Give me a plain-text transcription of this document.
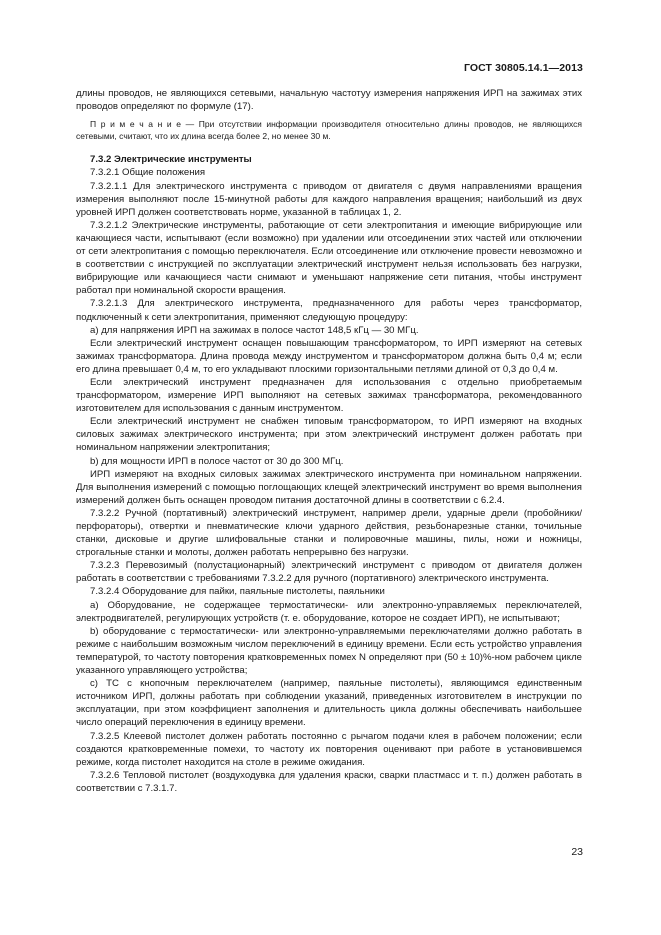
ГОСТ 30805.14.1—2013

длины проводов, не являющихся сетевыми, начальную частотуу измерения напряжения ИРП на зажимах этих проводов определяют по формуле (17).

П р и м е ч а н и е — При отсутствии информации производителя относительно длины проводов, не являющихся сетевыми, считают, что их длина всегда более 2, но менее 30 м.

7.3.2 Электрические инструменты

7.3.2.1 Общие положения

7.3.2.1.1 Для электрического инструмента с приводом от двигателя с двумя направлениями вращения измерения выполняют после 15-минутной работы для каждого направления вращения; наибольший из двух уровней ИРП должен соответствовать норме, указанной в таблицах 1, 2.

7.3.2.1.2 Электрические инструменты, работающие от сети электропитания и имеющие вибрирующие или качающиеся части, испытывают (если возможно) при удалении или отсоединении этих частей или отключении от сети электропитания с помощью переключателя. Если отсоединение или отключение провести невозможно и в соответствии с инструкцией по эксплуатации электрический инструмент нельзя использовать без нагрузки, вибрирующие или качающиеся части снимают и уменьшают напряжение сети питания, чтобы инструмент работал при номинальной скорости вращения.

7.3.2.1.3 Для электрического инструмента, предназначенного для работы через трансформатор, подключенный к сети электропитания, применяют следующую процедуру:

а) для напряжения ИРП на зажимах в полосе частот 148,5 кГц — 30 МГц.

Если электрический инструмент оснащен повышающим трансформатором, то ИРП измеряют на сетевых зажимах трансформатора. Длина провода между инструментом и трансформатором должна быть 0,4 м; если его длина превышает 0,4 м, то его укладывают плоскими горизонтальными петлями длиной от 0,3 до 0,4 м.

Если электрический инструмент предназначен для использования с отдельно приобретаемым трансформатором, измерение ИРП выполняют на сетевых зажимах трансформатора, рекомендованного изготовителем для использования с данным инструментом.

Если электрический инструмент не снабжен типовым трансформатором, то ИРП измеряют на входных силовых зажимах электрического инструмента; при этом электрический инструмент должен работать при номинальном напряжении электропитания;

b) для мощности ИРП в полосе частот от 30 до 300 МГц.

ИРП измеряют на входных силовых зажимах электрического инструмента при номинальном напряжении. Для выполнения измерений с помощью поглощающих клещей электрический инструмент во время выполнения измерений должен быть оснащен проводом питания достаточной длины в соответствии с 6.2.4.

7.3.2.2 Ручной (портативный) электрический инструмент, например дрели, ударные дрели (пробойники/перфораторы), отвертки и пневматические ключи ударного действия, резьбонарезные станки, точильные станки, дисковые и другие шлифовальные станки и полировочные машины, пилы, ножи и ножницы, строгальные станки и молоты, должен работать непрерывно без нагрузки.

7.3.2.3 Перевозимый (полустационарный) электрический инструмент с приводом от двигателя должен работать в соответствии с требованиями 7.3.2.2 для ручного (портативного) электрического инструмента.

7.3.2.4 Оборудование для пайки, паяльные пистолеты, паяльники

а) Оборудование, не содержащее термостатически- или электронно-управляемых переключателей, электродвигателей, регулирующих устройств (т. е. оборудование, которое не создает ИРП), не испытывают;

b) оборудование с термостатически- или электронно-управляемыми переключателями должно работать в режиме с наибольшим возможным числом переключений в единицу времени. Если есть устройство управления температурой, то частоту повторения кратковременных помех N определяют при (50 ± 10)%-ном рабочем цикле указанного управляющего устройства;

с) ТС с кнопочным переключателем (например, паяльные пистолеты), являющимся единственным источником ИРП, должны работать при соблюдении указаний, приведенных изготовителем в инструкции по эксплуатации, при этом коэффициент заполнения и длительность цикла должны обеспечивать наибольшее число операций переключения в единицу времени.

7.3.2.5 Клеевой пистолет должен работать постоянно с рычагом подачи клея в рабочем положении; если создаются кратковременные помехи, то частоту их повторения оценивают при работе в установившемся режиме, когда пистолет находится на столе в режиме ожидания.

7.3.2.6 Тепловой пистолет (воздуходувка для удаления краски, сварки пластмасс и т. п.) должен работать в соответствии с 7.3.1.7.

23
